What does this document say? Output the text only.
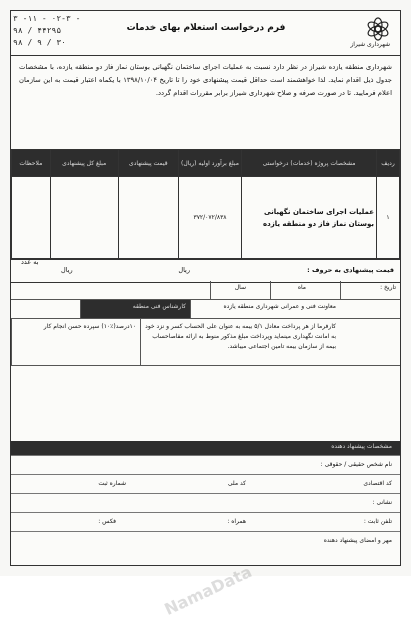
شهرداری شیراز
فرم درخواست استعلام بهای خدمات
۳ -۱۱ - ۰۲-۳ -
۹۸ / ۴۴۲۹۵
۹۸ / ۹ / ۳۰
شهرداری منطقه یازده شیراز در نظر دارد نسبت به عملیات اجرای ساختمان نگهبانی بوستان نماز فاز دو منطقه یازده، با مشخصات جدول ذیل اقدام نماید. لذا خواهشمند است حداقل قیمت پیشنهادی خود را تا تاریخ ۱۳۹۸/۱۰/۰۴ با یکماه اعتبار قیمت به این سازمان اعلام فرمایید. تا در صورت صرفه و صلاح شهرداری شیراز برابر مقررات اقدام گردد.
ردیف	مشخصات پروژه (خدمات) درخواستی	مبلغ برآورد اولیه (ریال)	قیمت پیشنهادی	مبلغ کل پیشنهادی	ملاحظات
۱	عملیات اجرای ساختمان نگهبانی بوستان نماز فاز دو منطقه یازده	۳۷۲/۰۷۲/۸۳۸			
قیمت پیشنهادی به حروف :
ریال
ریال
به عدد
تاریخ :
ماه
سال
معاونت فنی و عمرانی شهرداری منطقه یازده
کارشناس فنی منطقه
کارفرما از هر پرداخت معادل ۵/۱ بیمه به عنوان علی الحساب کسر و نزد خود به امانت نگهداری مینماید وپرداخت مبلغ مذکور منوط به ارائه مفاصاحساب بیمه از سازمان بیمه تامین اجتماعی میباشد.
۱۰درصد(٪۱۰) سپرده حسن انجام کار
NamaData
مشخصات پیشنهاد دهنده
نام شخص حقیقی / حقوقی :
کد اقتصادی
کد ملی
شماره ثبت
نشانی :
تلفن ثابت :
همراه :
فکس :
مهر و امضای پیشنهاد دهنده
